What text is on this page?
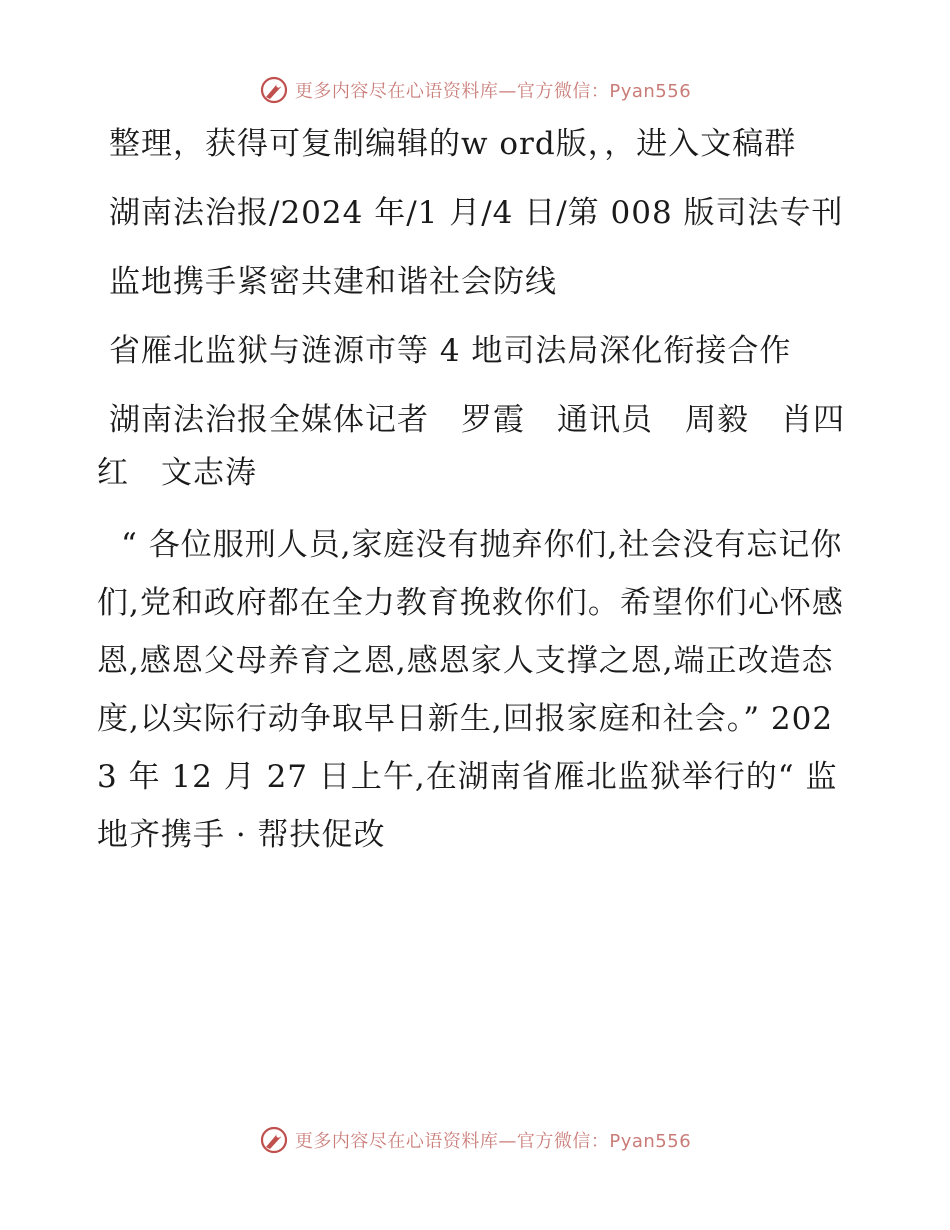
更多内容尽在心语资料库—官方微信：Pyan556

整理，获得可复制编辑的w ord版，，进入文稿群

湖南法治报/2024 年/1 月/4 日/第 008 版司法专刊

监地携手紧密共建和谐社会防线

省雁北监狱与涟源市等 4 地司法局深化衔接合作

湖南法治报全媒体记者　罗霞　通讯员　周毅　肖四红　文志涛

“ 各位服刑人员,家庭没有抛弃你们,社会没有忘记你们,党和政府都在全力教育挽救你们。希望你们心怀感恩,感恩父母养育之恩,感恩家人支撑之恩,端正改造态度,以实际行动争取早日新生,回报家庭和社会。” 2023 年 12 月 27 日上午,在湖南省雁北监狱举行的“ 监地齐携手 · 帮扶促改

更多内容尽在心语资料库—官方微信：Pyan556
